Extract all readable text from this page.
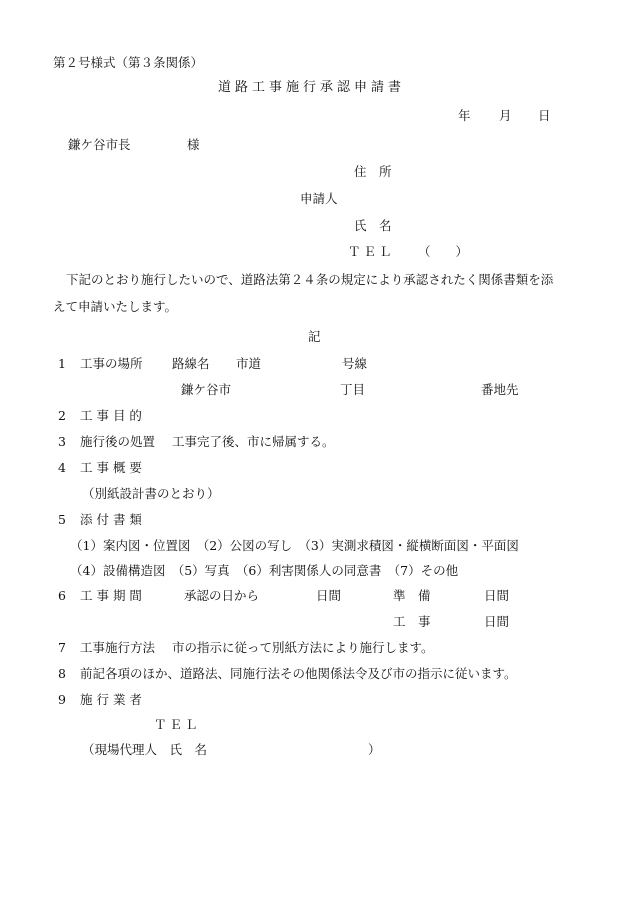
第２号様式（第３条関係）
道路工事施行承認申請書
年 月 日
鎌ケ谷市長	様
住　所
申請人
氏　名
ＴＥＬ （　　）
下記のとおり施行したいので、道路法第２４条の規定により承認されたく関係書類を添
えて申請いたします。
記
1 工事の場所 路線名 市道	号線
鎌ケ谷市	丁目	番地先
2 工 事 目 的
3 施行後の処置 工事完了後、市に帰属する。
4 工 事 概 要
（別紙設計書のとおり）
5 添 付 書 類
（1）案内図・位置図　（2）公図の写し　（3）実測求積図・縦横断面図・平面図
（4）設備構造図　（5）写真　（6）利害関係人の同意書　（7）その他
6 工 事 期 間	承認の日から	日間	準　備	日間
工　事	日間
7 工事施行方法 市の指示に従って別紙方法により施行します。
8 前記各項のほか、道路法、同施行法その他関係法令及び市の指示に従います。
9 施 行 業 者
ＴＥＬ
（現場代理人　氏　名	）
